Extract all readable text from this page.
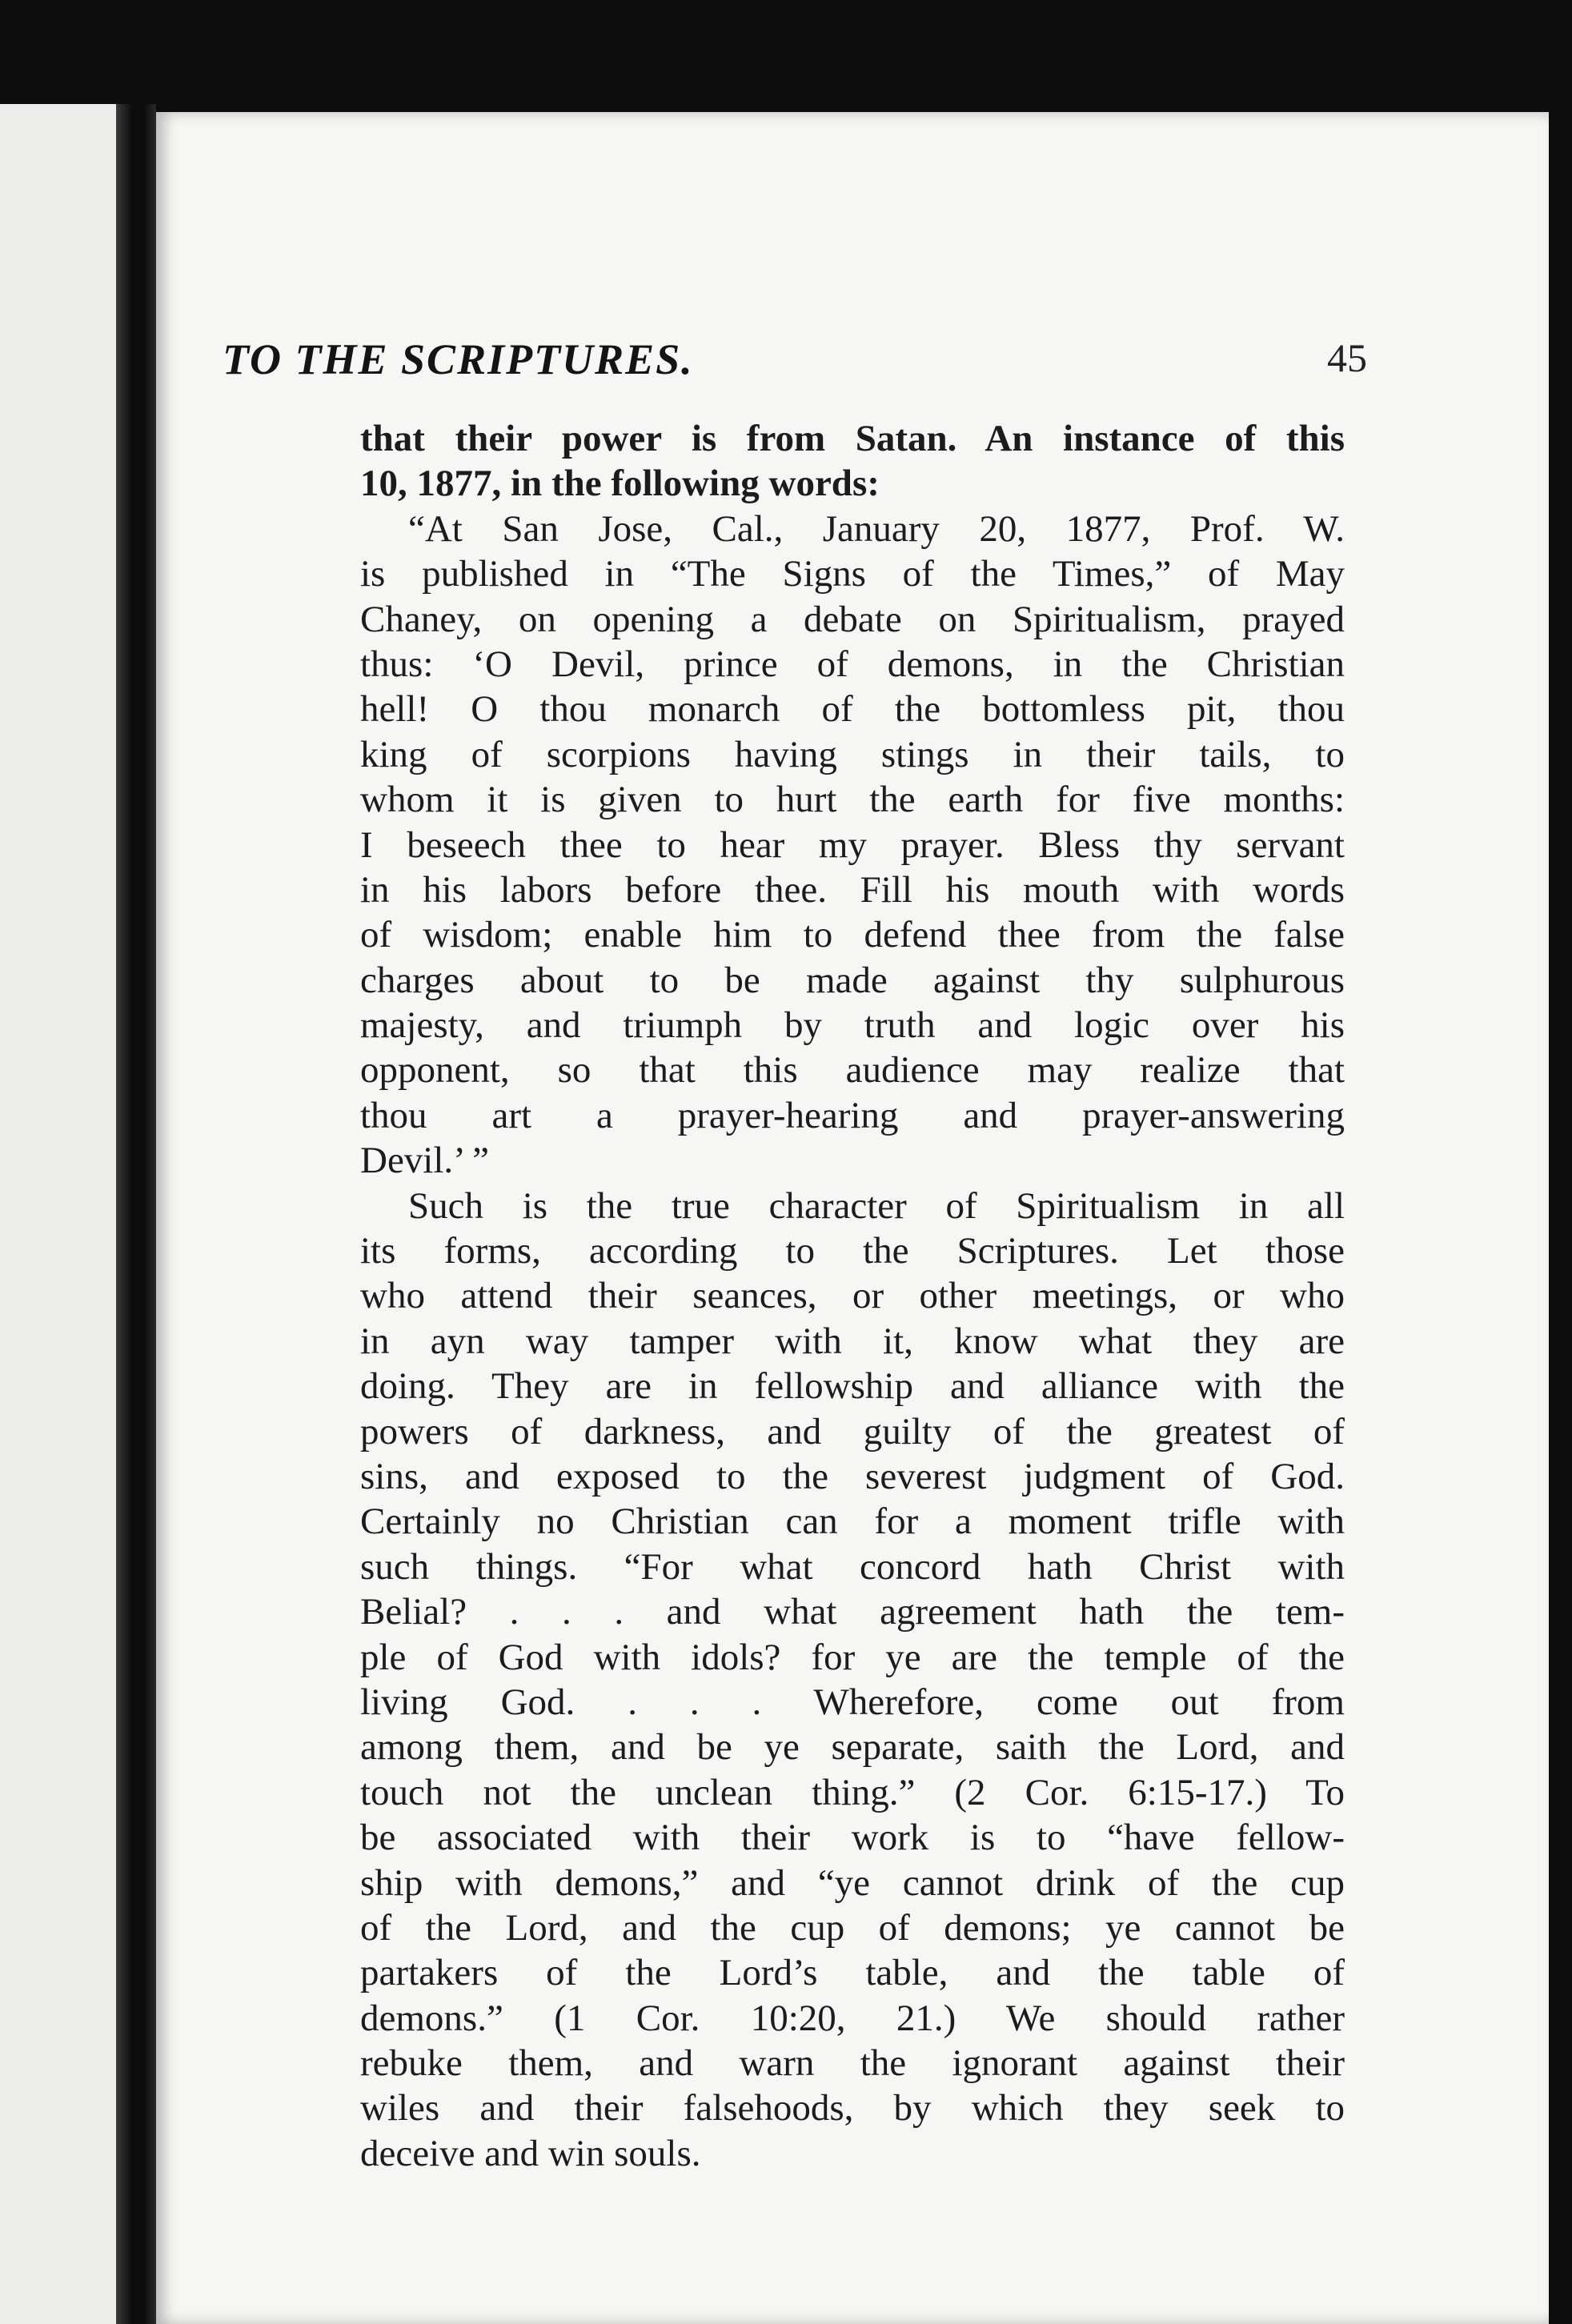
TO THE SCRIPTURES.	45
that their power is from Satan. An instance of this
10, 1877, in the following words:
“At San Jose, Cal., January 20, 1877, Prof. W.
is published in “The Signs of the Times,” of May
Chaney, on opening a debate on Spiritualism, prayed
thus: ‘O Devil, prince of demons, in the Christian
hell! O thou monarch of the bottomless pit, thou
king of scorpions having stings in their tails, to
whom it is given to hurt the earth for five months:
I beseech thee to hear my prayer. Bless thy servant
in his labors before thee. Fill his mouth with words
of wisdom; enable him to defend thee from the false
charges about to be made against thy sulphurous
majesty, and triumph by truth and logic over his
opponent, so that this audience may realize that
thou art a prayer-hearing and prayer-answering
Devil.’ ”
Such is the true character of Spiritualism in all
its forms, according to the Scriptures. Let those
who attend their seances, or other meetings, or who
in ayn way tamper with it, know what they are
doing. They are in fellowship and alliance with the
powers of darkness, and guilty of the greatest of
sins, and exposed to the severest judgment of God.
Certainly no Christian can for a moment trifle with
such things. “For what concord hath Christ with
Belial? . . . and what agreement hath the tem-
ple of God with idols? for ye are the temple of the
living God. . . . Wherefore, come out from
among them, and be ye separate, saith the Lord, and
touch not the unclean thing.” (2 Cor. 6:15-17.) To
be associated with their work is to “have fellow-
ship with demons,” and “ye cannot drink of the cup
of the Lord, and the cup of demons; ye cannot be
partakers of the Lord’s table, and the table of
demons.” (1 Cor. 10:20, 21.) We should rather
rebuke them, and warn the ignorant against their
wiles and their falsehoods, by which they seek to
deceive and win souls.
